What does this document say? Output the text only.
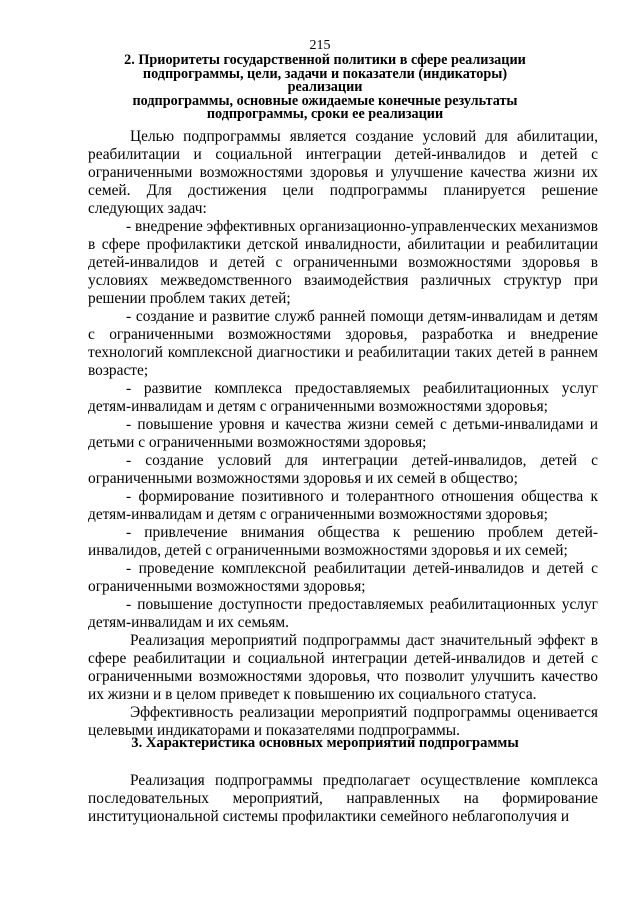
215
2. Приоритеты государственной политики в сфере реализации
подпрограммы, цели, задачи и показатели (индикаторы) реализации
подпрограммы, основные ожидаемые конечные результаты
подпрограммы, сроки ее реализации

Целью подпрограммы является создание условий для абилитации, реабилитации и социальной интеграции детей-инвалидов и детей с ограниченными возможностями здоровья и улучшение качества жизни их семей. Для достижения цели подпрограммы планируется решение следующих задач:

- внедрение эффективных организационно-управленческих механизмов в сфере профилактики детской инвалидности, абилитации и реабилитации детей-инвалидов и детей с ограниченными возможностями здоровья в условиях межведомственного взаимодействия различных структур при решении проблем таких детей;

- создание и развитие служб ранней помощи детям-инвалидам и детям с ограниченными возможностями здоровья, разработка и внедрение технологий комплексной диагностики и реабилитации таких детей в раннем возрасте;

- развитие комплекса предоставляемых реабилитационных услуг детям-инвалидам и детям с ограниченными возможностями здоровья;

- повышение уровня и качества жизни семей с детьми-инвалидами и детьми с ограниченными возможностями здоровья;

- создание условий для интеграции детей-инвалидов, детей с ограниченными возможностями здоровья и их семей в общество;

- формирование позитивного и толерантного отношения общества к детям-инвалидам и детям с ограниченными возможностями здоровья;

- привлечение внимания общества к решению проблем детей-инвалидов, детей с ограниченными возможностями здоровья и их семей;

- проведение комплексной реабилитации детей-инвалидов и детей с ограниченными возможностями здоровья;

- повышение доступности предоставляемых реабилитационных услуг детям-инвалидам и их семьям.

Реализация мероприятий подпрограммы даст значительный эффект в сфере реабилитации и социальной интеграции детей-инвалидов и детей с ограниченными возможностями здоровья, что позволит улучшить качество их жизни и в целом приведет к повышению их социального статуса.

Эффективность реализации мероприятий подпрограммы оценивается целевыми индикаторами и показателями подпрограммы.

3. Характеристика основных мероприятий подпрограммы

Реализация подпрограммы предполагает осуществление комплекса последовательных мероприятий, направленных на формирование институциональной системы профилактики семейного неблагополучия и
